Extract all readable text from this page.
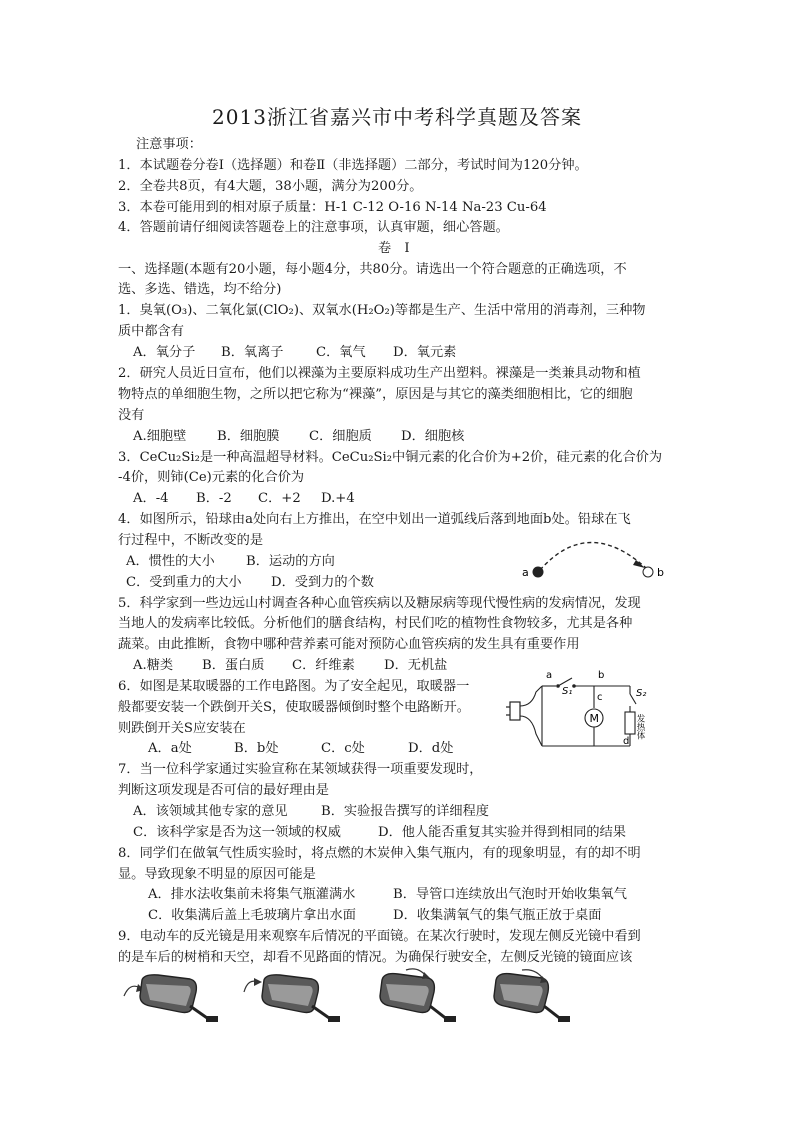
2013浙江省嘉兴市中考科学真题及答案
注意事项：
1．本试题卷分卷Ⅰ（选择题）和卷Ⅱ（非选择题）二部分，考试时间为120分钟。
2．全卷共8页，有4大题，38小题，满分为200分。
3．本卷可能用到的相对原子质量：H-1 C-12 O-16 N-14 Na-23 Cu-64
4．答题前请仔细阅读答题卷上的注意事项，认真审题，细心答题。
卷　Ⅰ
一、选择题(本题有20小题，每小题4分，共80分。请选出一个符合题意的正确选项，不
选、多选、错选，均不给分)
1．臭氧(O₃)、二氧化氯(ClO₂)、双氧水(H₂O₂)等都是生产、生活中常用的消毒剂，三种物
质中都含有
A．氧分子 B．氧离子 C．氧气 D．氧元素
2．研究人员近日宣布，他们以裸藻为主要原料成功生产出塑料。裸藻是一类兼具动物和植
物特点的单细胞生物，之所以把它称为“裸藻”，原因是与其它的藻类细胞相比，它的细胞
没有
A.细胞壁 B．细胞膜 C．细胞质 D．细胞核
3．CeCu₂Si₂是一种高温超导材料。CeCu₂Si₂中铜元素的化合价为+2价，硅元素的化合价为
-4价，则铈(Ce)元素的化合价为
A．-4 B．-2 C．+2 D.+4
4．如图所示，铅球由a处向右上方推出，在空中划出一道弧线后落到地面b处。铅球在飞
行过程中，不断改变的是
A．惯性的大小 B．运动的方向
C．受到重力的大小 D．受到力的个数
a	b
5．科学家到一些边远山村调查各种心血管疾病以及糖尿病等现代慢性病的发病情况，发现
当地人的发病率比较低。分析他们的膳食结构，村民们吃的植物性食物较多，尤其是各种
蔬菜。由此推断，食物中哪种营养素可能对预防心血管疾病的发生具有重要作用
A.糖类 B．蛋白质 C．纤维素 D．无机盐
6．如图是某取暖器的工作电路图。为了安全起见，取暖器一
般都要安装一个跌倒开关S，使取暖器倾倒时整个电路断开。
则跌倒开关S应安装在
A．a处	B．b处	C．c处	D．d处
M
a
S₁
b
c	S₂
d
发热体
7．当一位科学家通过实验宣称在某领域获得一项重要发现时，
判断这项发现是否可信的最好理由是
A．该领域其他专家的意见	B．实验报告撰写的详细程度
C．该科学家是否为这一领域的权威	D．他人能否重复其实验并得到相同的结果
8．同学们在做氧气性质实验时，将点燃的木炭伸入集气瓶内，有的现象明显，有的却不明
显。导致现象不明显的原因可能是
A．排水法收集前未将集气瓶灌满水	B．导管口连续放出气泡时开始收集氧气
C．收集满后盖上毛玻璃片拿出水面	D．收集满氧气的集气瓶正放于桌面
9．电动车的反光镜是用来观察车后情况的平面镜。在某次行驶时，发现左侧反光镜中看到
的是车后的树梢和天空，却看不见路面的情况。为确保行驶安全，左侧反光镜的镜面应该
